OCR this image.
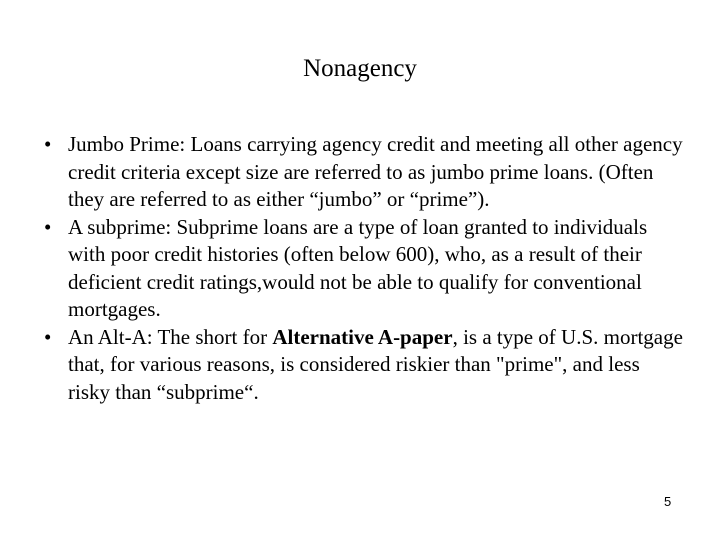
Nonagency
• Jumbo Prime: Loans carrying agency credit and meeting all other agency credit criteria except size are referred to as jumbo prime loans. (Often they are referred to as either “jumbo” or “prime”).
• A subprime: Subprime loans are a type of loan granted to individuals with poor credit histories (often below 600), who, as a result of their deficient credit ratings,would not be able to qualify for conventional mortgages.
• An Alt-A: The short for Alternative A-paper, is a type of U.S. mortgage that, for various reasons, is considered riskier than "prime", and less risky than “subprime“.
5
